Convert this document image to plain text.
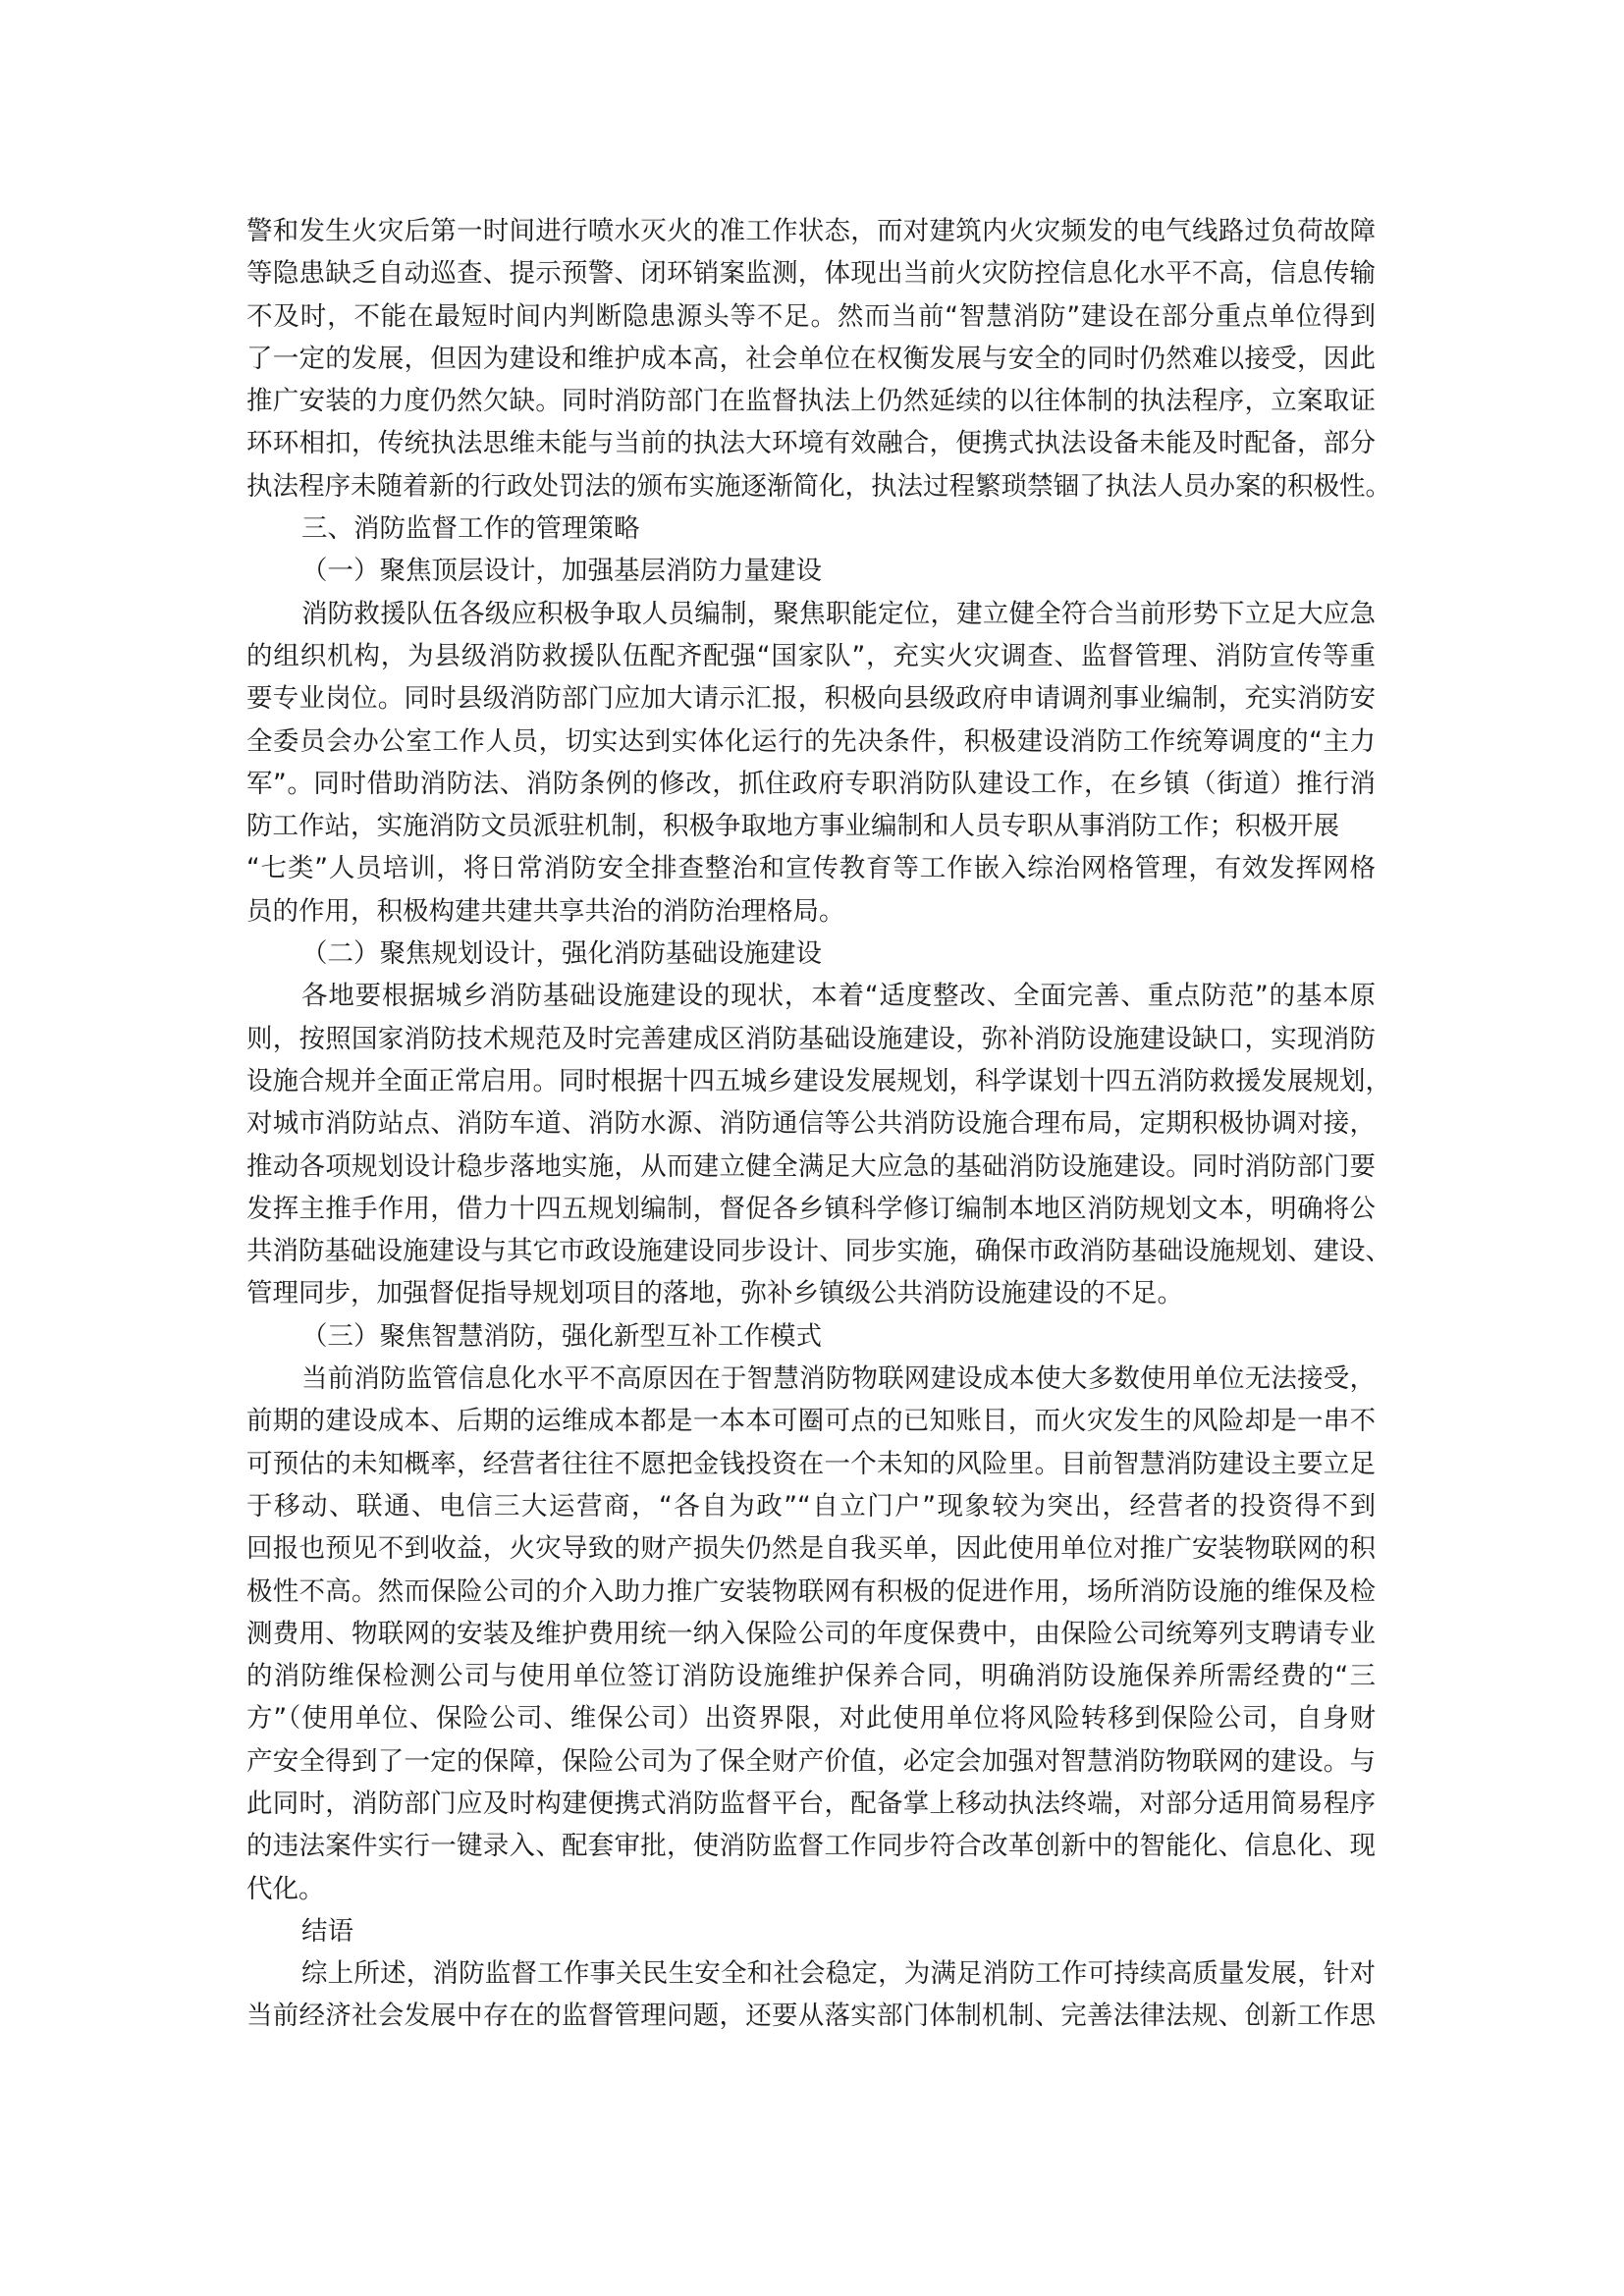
警和发生火灾后第一时间进行喷水灭火的准工作状态，而对建筑内火灾频发的电气线路过负荷故障
等隐患缺乏自动巡查、提示预警、闭环销案监测，体现出当前火灾防控信息化水平不高，信息传输
不及时，不能在最短时间内判断隐患源头等不足。然而当前“智慧消防”建设在部分重点单位得到
了一定的发展，但因为建设和维护成本高，社会单位在权衡发展与安全的同时仍然难以接受，因此
推广安装的力度仍然欠缺。同时消防部门在监督执法上仍然延续的以往体制的执法程序，立案取证
环环相扣，传统执法思维未能与当前的执法大环境有效融合，便携式执法设备未能及时配备，部分
执法程序未随着新的行政处罚法的颁布实施逐渐简化，执法过程繁琐禁锢了执法人员办案的积极性。
三、消防监督工作的管理策略
（一）聚焦顶层设计，加强基层消防力量建设
消防救援队伍各级应积极争取人员编制，聚焦职能定位，建立健全符合当前形势下立足大应急
的组织机构，为县级消防救援队伍配齐配强“国家队”，充实火灾调查、监督管理、消防宣传等重
要专业岗位。同时县级消防部门应加大请示汇报，积极向县级政府申请调剂事业编制，充实消防安
全委员会办公室工作人员，切实达到实体化运行的先决条件，积极建设消防工作统筹调度的“主力
军”。同时借助消防法、消防条例的修改，抓住政府专职消防队建设工作，在乡镇（街道）推行消
防工作站，实施消防文员派驻机制，积极争取地方事业编制和人员专职从事消防工作；积极开展
“七类”人员培训，将日常消防安全排查整治和宣传教育等工作嵌入综治网格管理，有效发挥网格
员的作用，积极构建共建共享共治的消防治理格局。
（二）聚焦规划设计，强化消防基础设施建设
各地要根据城乡消防基础设施建设的现状，本着“适度整改、全面完善、重点防范”的基本原
则，按照国家消防技术规范及时完善建成区消防基础设施建设，弥补消防设施建设缺口，实现消防
设施合规并全面正常启用。同时根据十四五城乡建设发展规划，科学谋划十四五消防救援发展规划，
对城市消防站点、消防车道、消防水源、消防通信等公共消防设施合理布局，定期积极协调对接，
推动各项规划设计稳步落地实施，从而建立健全满足大应急的基础消防设施建设。同时消防部门要
发挥主推手作用，借力十四五规划编制，督促各乡镇科学修订编制本地区消防规划文本，明确将公
共消防基础设施建设与其它市政设施建设同步设计、同步实施，确保市政消防基础设施规划、建设、
管理同步，加强督促指导规划项目的落地，弥补乡镇级公共消防设施建设的不足。
（三）聚焦智慧消防，强化新型互补工作模式
当前消防监管信息化水平不高原因在于智慧消防物联网建设成本使大多数使用单位无法接受，
前期的建设成本、后期的运维成本都是一本本可圈可点的已知账目，而火灾发生的风险却是一串不
可预估的未知概率，经营者往往不愿把金钱投资在一个未知的风险里。目前智慧消防建设主要立足
于移动、联通、电信三大运营商，“各自为政”“自立门户”现象较为突出，经营者的投资得不到
回报也预见不到收益，火灾导致的财产损失仍然是自我买单，因此使用单位对推广安装物联网的积
极性不高。然而保险公司的介入助力推广安装物联网有积极的促进作用，场所消防设施的维保及检
测费用、物联网的安装及维护费用统一纳入保险公司的年度保费中，由保险公司统筹列支聘请专业
的消防维保检测公司与使用单位签订消防设施维护保养合同，明确消防设施保养所需经费的“三
方”（使用单位、保险公司、维保公司）出资界限，对此使用单位将风险转移到保险公司，自身财
产安全得到了一定的保障，保险公司为了保全财产价值，必定会加强对智慧消防物联网的建设。与
此同时，消防部门应及时构建便携式消防监督平台，配备掌上移动执法终端，对部分适用简易程序
的违法案件实行一键录入、配套审批，使消防监督工作同步符合改革创新中的智能化、信息化、现
代化。
结语
综上所述，消防监督工作事关民生安全和社会稳定，为满足消防工作可持续高质量发展，针对
当前经济社会发展中存在的监督管理问题，还要从落实部门体制机制、完善法律法规、创新工作思
